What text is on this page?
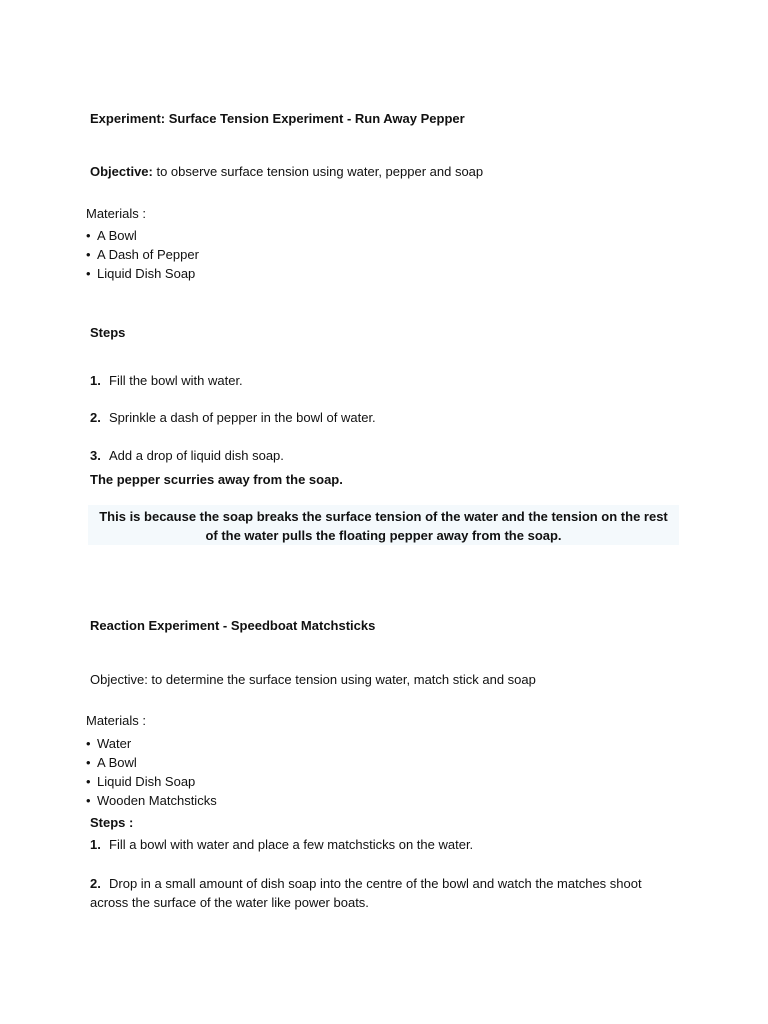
Experiment: Surface Tension Experiment - Run Away Pepper
Objective: to observe surface tension using water, pepper and soap
Materials :
• A Bowl
• A Dash of Pepper
• Liquid Dish Soap
Steps
1. Fill the bowl with water.
2. Sprinkle a dash of pepper in the bowl of water.
3. Add a drop of liquid dish soap.
The pepper scurries away from the soap.
This is because the soap breaks the surface tension of the water and the tension on the rest of the water pulls the floating pepper away from the soap.
Reaction Experiment - Speedboat Matchsticks
Objective: to determine the surface tension using water, match stick and soap
Materials :
• Water
• A Bowl
• Liquid Dish Soap
• Wooden Matchsticks
Steps :
1. Fill a bowl with water and place a few matchsticks on the water.
2. Drop in a small amount of dish soap into the centre of the bowl and watch the matches shoot across the surface of the water like power boats.
